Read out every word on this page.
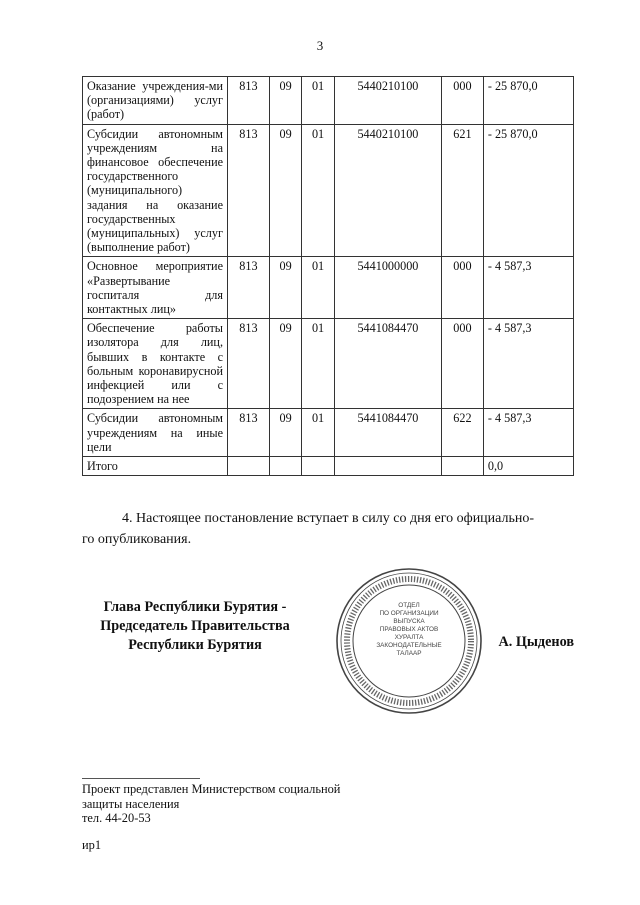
3
Оказание учреждения-ми (организациями) услуг (работ)	813	09	01	5440210100	000	- 25 870,0
Субсидии автономным учреждениям на финансовое обеспечение государственного (муниципального) задания на оказание государственных (муниципальных) услуг (выполнение работ)	813	09	01	5440210100	621	- 25 870,0
Основное мероприятие «Развертывание госпиталя для контактных лиц»	813	09	01	5441000000	000	- 4 587,3
Обеспечение работы изолятора для лиц, бывших в контакте с больным коронавирусной инфекцией или с подозрением на нее	813	09	01	5441084470	000	- 4 587,3
Субсидии автономным учреждениям на иные цели	813	09	01	5441084470	622	- 4 587,3
Итого						0,0
4. Настоящее постановление вступает в силу со дня его официально-
го опубликования.
Глава Республики Бурятия -
Председатель Правительства
Республики Бурятия	А. Цыденов
ОТДЕЛ
ПО ОРГАНИЗАЦИИ
ВЫПУСКА
ПРАВОВЫХ АКТОВ
ХУРАЛТА
ЗАКОНОДАТЕЛЬНЫЕ
ТАЛААР
Проект представлен Министерством социальной
защиты населения
тел. 44-20-53
ир1
